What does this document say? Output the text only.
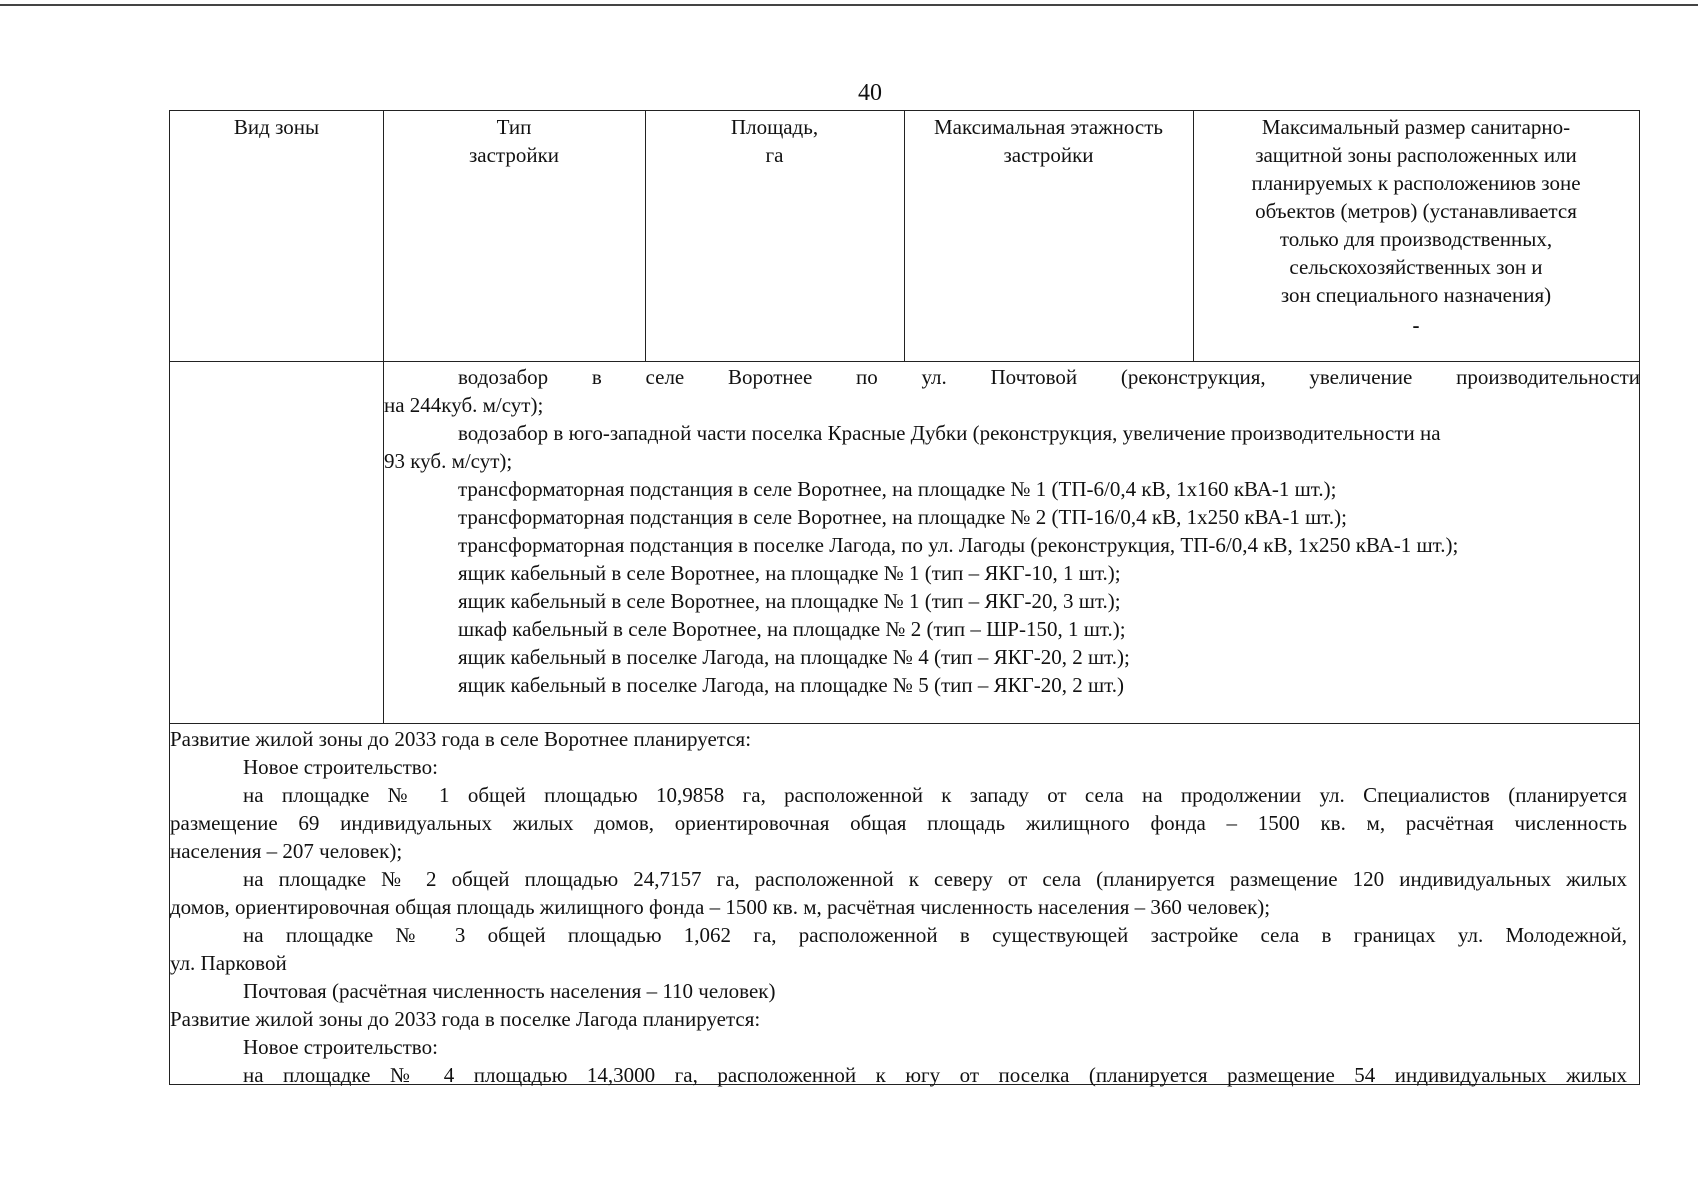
40
Вид зоны	Тип
застройки
Площадь,
га
Максимальная этажность
застройки
Максимальный размер санитарно-
защитной зоны расположенных или
планируемых к расположениюв зоне
объектов (метров) (устанавливается
только для производственных,
сельскохозяйственных зон и
зон специального назначения)
-
водозабор в селе Воротнее по ул. Почтовой (реконструкция, увеличение производительности
на 244куб. м/сут);
водозабор в юго-западной части поселка Красные Дубки (реконструкция, увеличение производительности на
93 куб. м/сут);
трансформаторная подстанция в селе Воротнее, на площадке № 1 (ТП-6/0,4 кВ, 1х160 кВА-1 шт.);
трансформаторная подстанция в селе Воротнее, на площадке № 2 (ТП-16/0,4 кВ, 1х250 кВА-1 шт.);
трансформаторная подстанция в поселке Лагода, по ул. Лагоды (реконструкция, ТП-6/0,4 кВ, 1х250 кВА-1 шт.);
ящик кабельный в селе Воротнее, на площадке № 1 (тип – ЯКГ-10, 1 шт.);
ящик кабельный в селе Воротнее, на площадке № 1 (тип – ЯКГ-20, 3 шт.);
шкаф кабельный в селе Воротнее, на площадке № 2 (тип – ШР-150, 1 шт.);
ящик кабельный в поселке Лагода, на площадке № 4 (тип – ЯКГ-20, 2 шт.);
ящик кабельный в поселке Лагода, на площадке № 5 (тип – ЯКГ-20, 2 шт.)
Развитие жилой зоны до 2033 года в селе Воротнее планируется:
Новое строительство:
на площадке № 1 общей площадью 10,9858 га, расположенной к западу от села на продолжении ул. Специалистов (планируется
размещение 69 индивидуальных жилых домов, ориентировочная общая площадь жилищного фонда – 1500 кв. м, расчётная численность
населения – 207 человек);
на площадке № 2 общей площадью 24,7157 га, расположенной к северу от села (планируется размещение 120 индивидуальных жилых
домов, ориентировочная общая площадь жилищного фонда – 1500 кв. м, расчётная численность населения – 360 человек);
на площадке № 3 общей площадью 1,062 га, расположенной в существующей застройке села в границах ул. Молодежной,
ул. Парковой
Почтовая (расчётная численность населения – 110 человек)
Развитие жилой зоны до 2033 года в поселке Лагода планируется:
Новое строительство:
на площадке № 4 площадью 14,3000 га, расположенной к югу от поселка (планируется размещение 54 индивидуальных жилых
